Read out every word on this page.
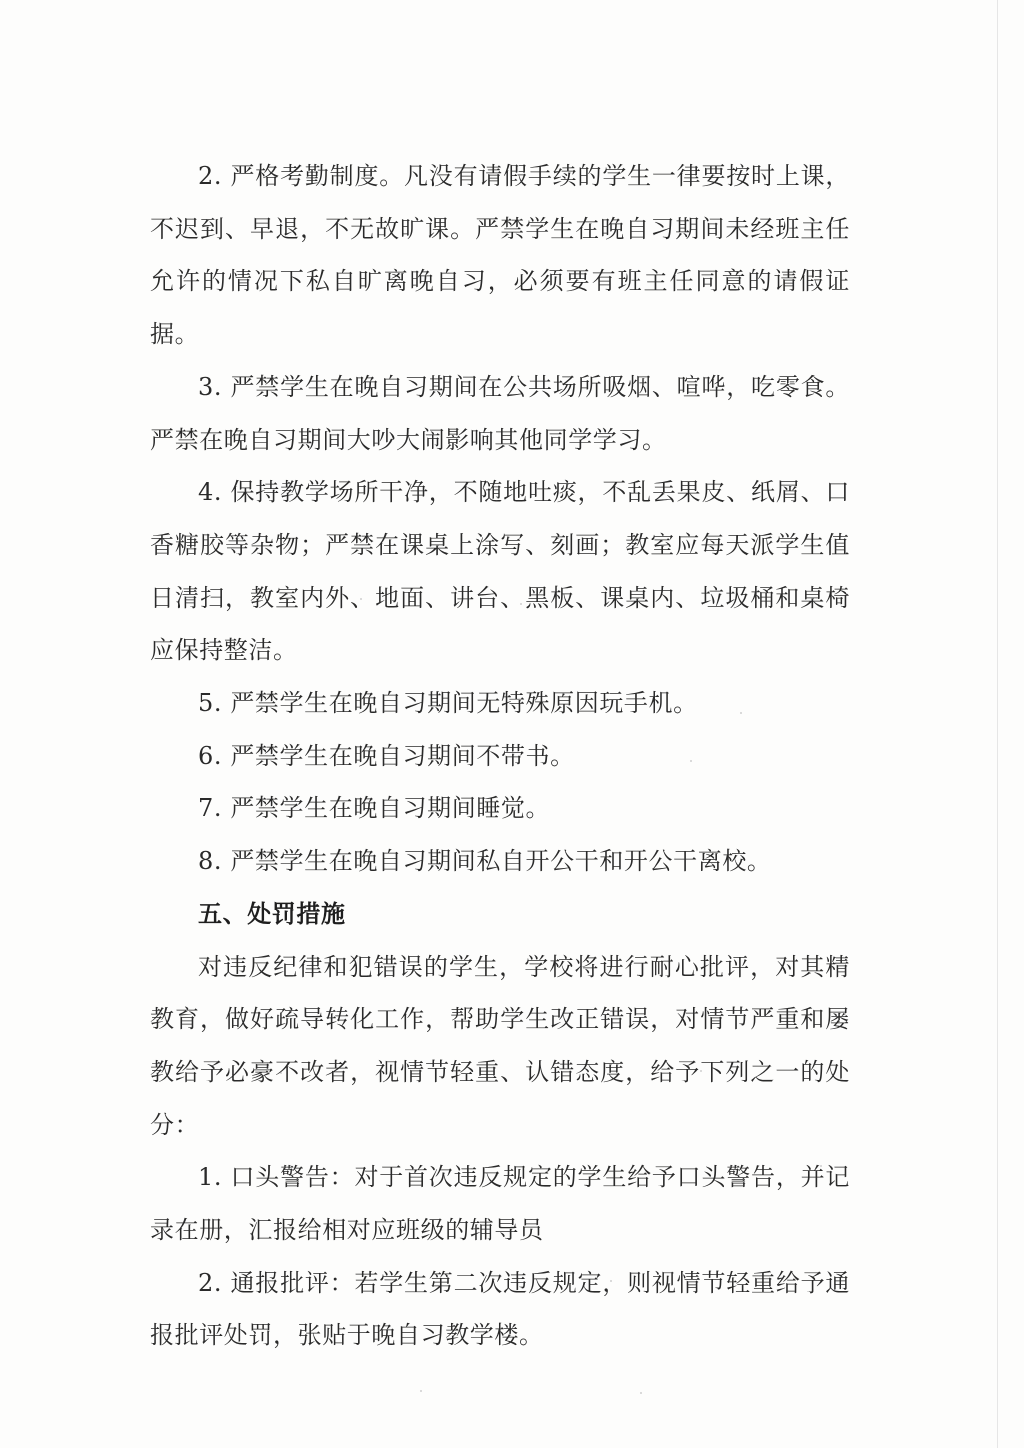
2. 严格考勤制度。凡没有请假手续的学生一律要按时上课，不迟到、早退，不无故旷课。严禁学生在晚自习期间未经班主任允许的情况下私自旷离晚自习，必须要有班主任同意的请假证据。

3. 严禁学生在晚自习期间在公共场所吸烟、喧哗，吃零食。严禁在晚自习期间大吵大闹影响其他同学学习。

4. 保持教学场所干净，不随地吐痰，不乱丢果皮、纸屑、口香糖胶等杂物；严禁在课桌上涂写、刻画；教室应每天派学生值日清扫，教室内外、地面、讲台、黑板、课桌内、垃圾桶和桌椅应保持整洁。

5. 严禁学生在晚自习期间无特殊原因玩手机。

6. 严禁学生在晚自习期间不带书。

7. 严禁学生在晚自习期间睡觉。

8. 严禁学生在晚自习期间私自开公干和开公干离校。

五、处罚措施

对违反纪律和犯错误的学生，学校将进行耐心批评，对其精教育，做好疏导转化工作，帮助学生改正错误，对情节严重和屡教给予必豪不改者，视情节轻重、认错态度，给予下列之一的处分：

1. 口头警告：对于首次违反规定的学生给予口头警告，并记录在册，汇报给相对应班级的辅导员

2. 通报批评：若学生第二次违反规定，则视情节轻重给予通报批评处罚，张贴于晚自习教学楼。
